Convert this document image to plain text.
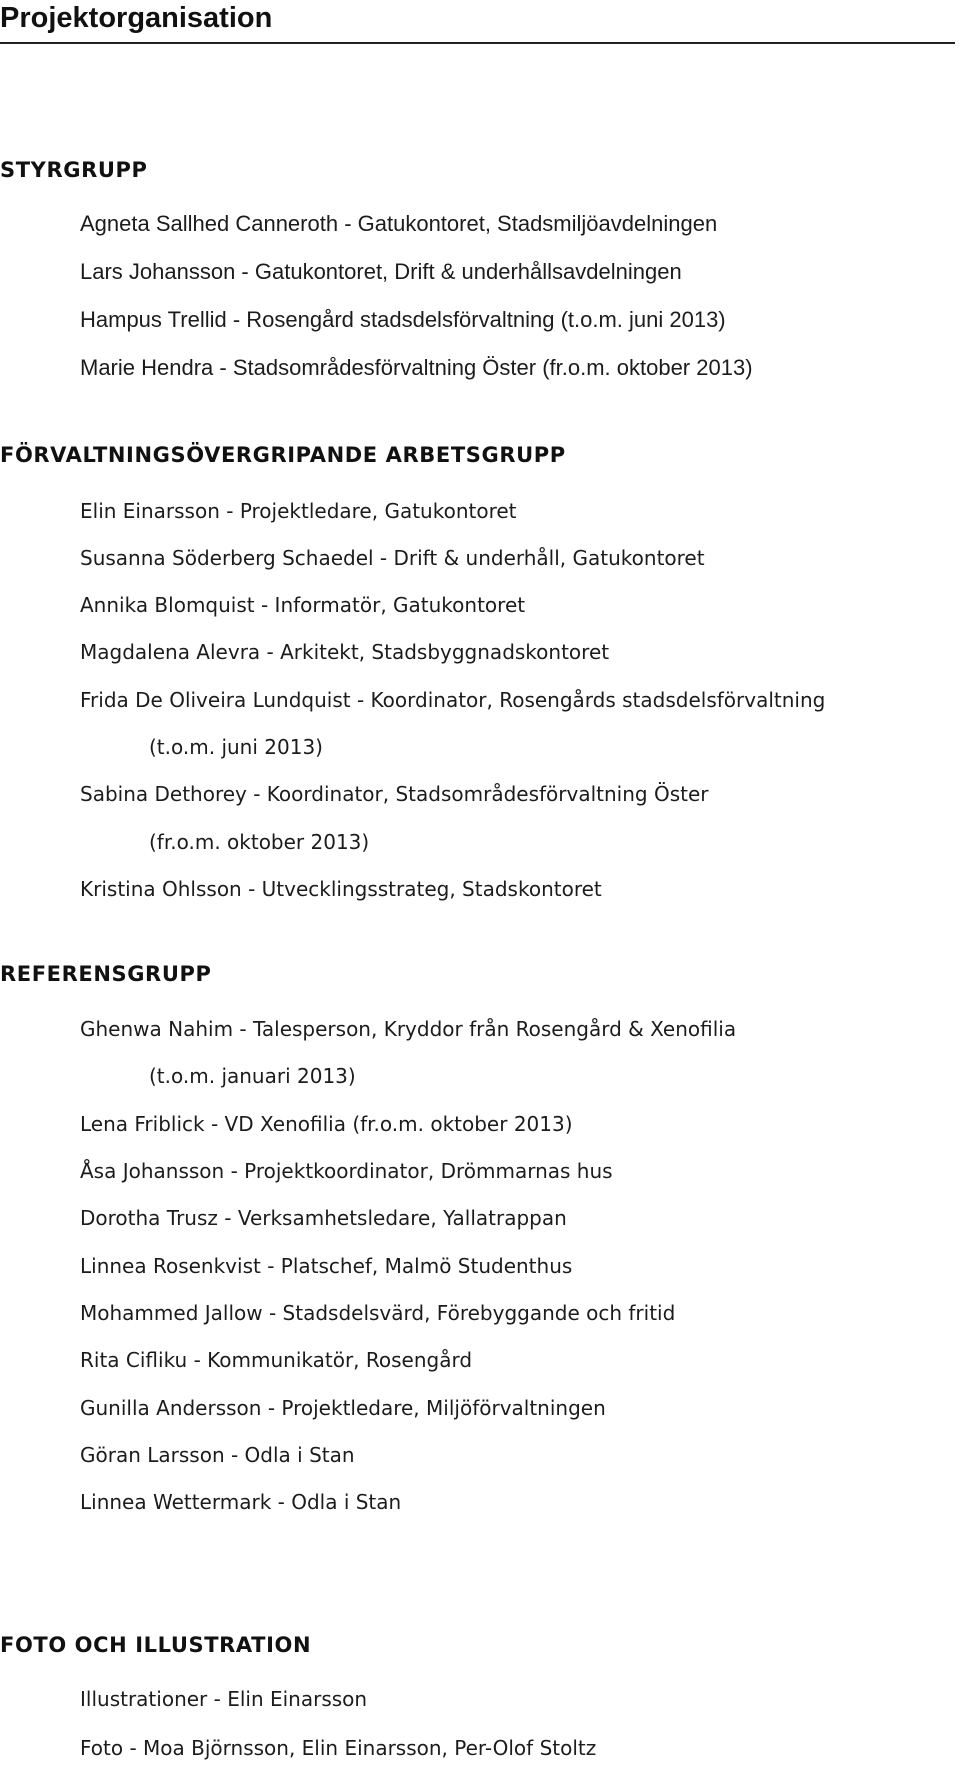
Projektorganisation
STYRGRUPP
Agneta Sallhed Canneroth - Gatukontoret, Stadsmiljöavdelningen
Lars Johansson - Gatukontoret, Drift & underhållsavdelningen
Hampus Trellid - Rosengård stadsdelsförvaltning (t.o.m. juni 2013)
Marie Hendra - Stadsområdesförvaltning Öster (fr.o.m. oktober 2013)
FÖRVALTNINGSÖVERGRIPANDE ARBETSGRUPP
Elin Einarsson - Projektledare, Gatukontoret
Susanna Söderberg Schaedel - Drift & underhåll, Gatukontoret
Annika Blomquist - Informatör, Gatukontoret
Magdalena Alevra - Arkitekt, Stadsbyggnadskontoret
Frida De Oliveira Lundquist - Koordinator, Rosengårds stadsdelsförvaltning
(t.o.m. juni 2013)
Sabina Dethorey - Koordinator, Stadsområdesförvaltning Öster
(fr.o.m. oktober 2013)
Kristina Ohlsson - Utvecklingsstrateg, Stadskontoret
REFERENSGRUPP
Ghenwa Nahim - Talesperson, Kryddor från Rosengård & Xenofilia
(t.o.m. januari 2013)
Lena Friblick - VD Xenofilia (fr.o.m. oktober 2013)
Åsa Johansson - Projektkoordinator, Drömmarnas hus
Dorotha Trusz - Verksamhetsledare, Yallatrappan
Linnea Rosenkvist - Platschef, Malmö Studenthus
Mohammed Jallow - Stadsdelsvärd, Förebyggande och fritid
Rita Cifliku - Kommunikatör, Rosengård
Gunilla Andersson - Projektledare, Miljöförvaltningen
Göran Larsson - Odla i Stan
Linnea Wettermark - Odla i Stan
FOTO OCH ILLUSTRATION
Illustrationer - Elin Einarsson
Foto - Moa Björnsson, Elin Einarsson, Per-Olof Stoltz
